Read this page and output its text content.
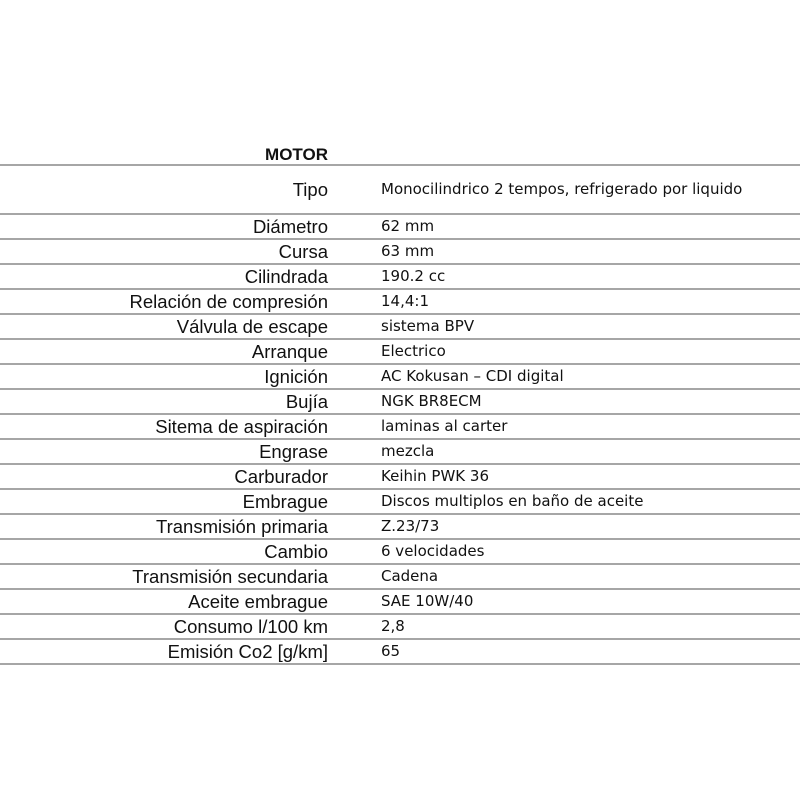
MOTOR
Tipo	Monocilindrico 2 tempos, refrigerado por liquido
Diámetro	62 mm
Cursa	63 mm
Cilindrada	190.2 cc
Relación de compresión	14,4:1
Válvula de escape	sistema BPV
Arranque	Electrico
Ignición	AC Kokusan – CDI digital
Bujía	NGK BR8ECM
Sitema de aspiración	laminas al carter
Engrase	mezcla
Carburador	Keihin PWK 36
Embrague	Discos multiplos en baño de aceite
Transmisión primaria	Z.23/73
Cambio	6 velocidades
Transmisión secundaria	Cadena
Aceite embrague	SAE 10W/40
Consumo l/100 km	2,8
Emisión Co2 [g/km]	65
